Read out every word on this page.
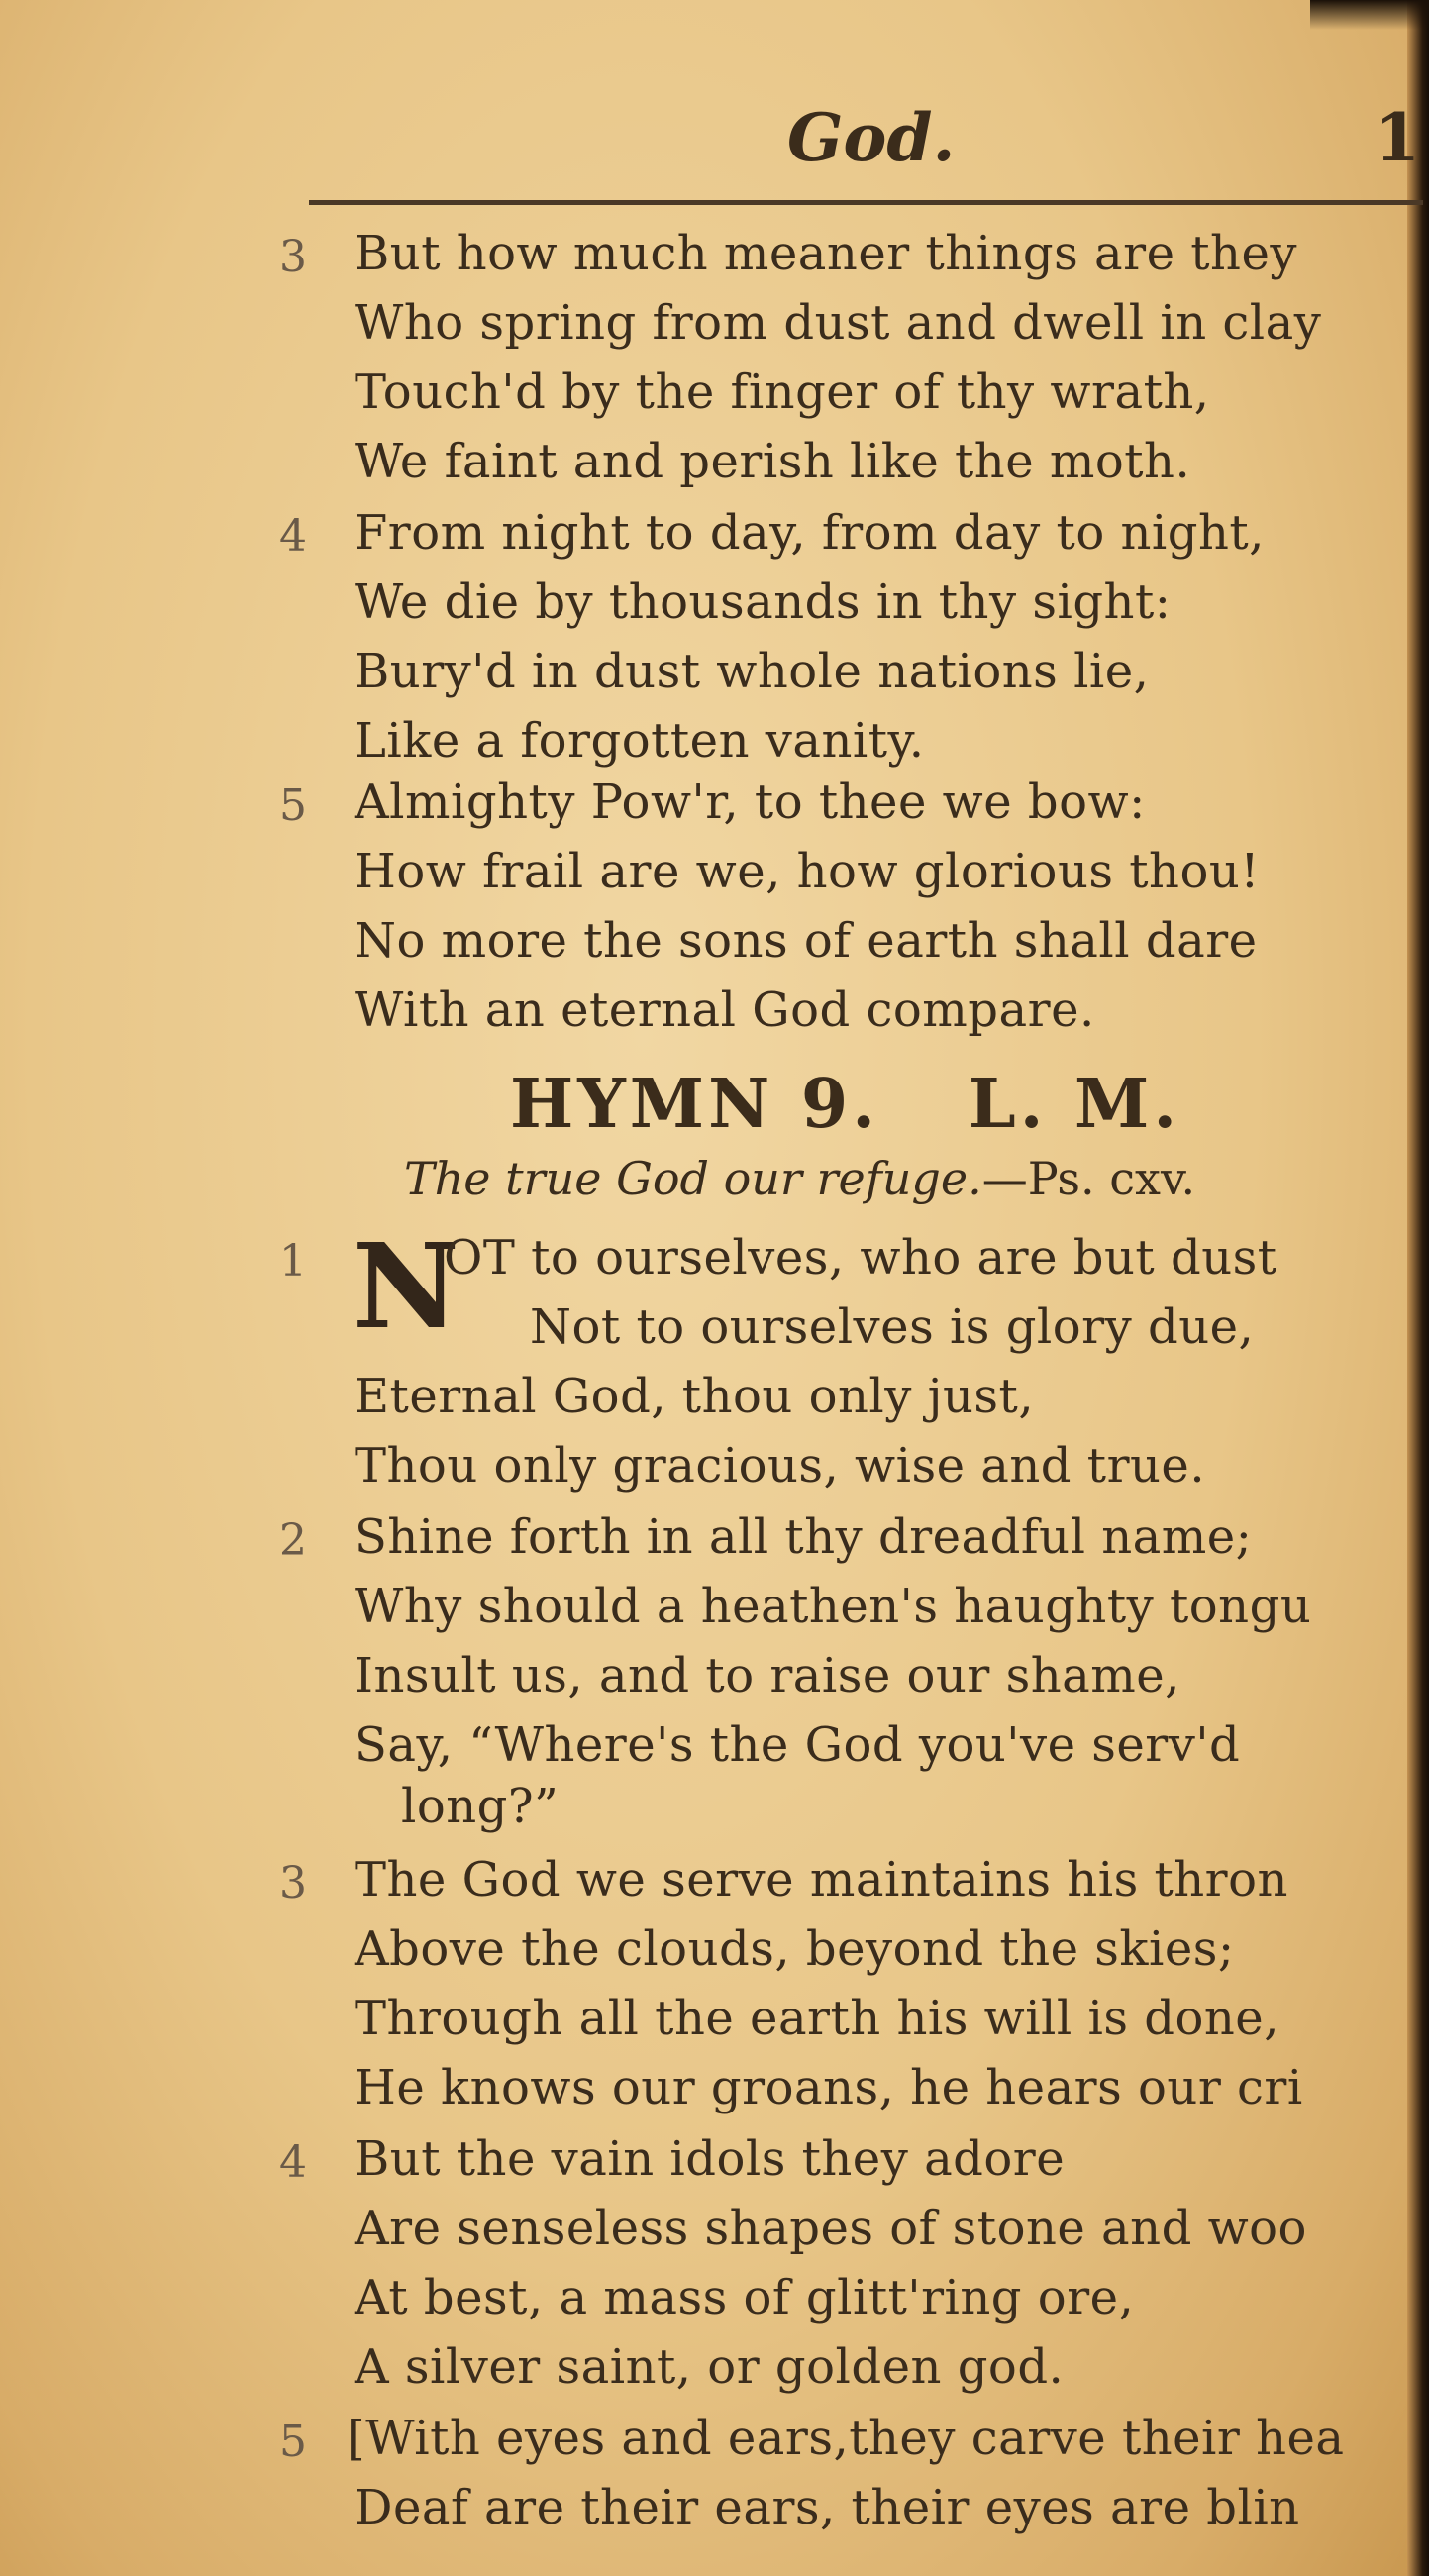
God.	1
3 But how much meaner things are they
Who spring from dust and dwell in clay
Touch'd by the finger of thy wrath,
We faint and perish like the moth.
4 From night to day, from day to night,
We die by thousands in thy sight:
Bury'd in dust whole nations lie,
Like a forgotten vanity.
5 Almighty Pow'r, to thee we bow:
How frail are we, how glorious thou!
No more the sons of earth shall dare
With an eternal God compare.
HYMN 9. L. M.
The true God our refuge.—Ps. cxv.
1 N
OT to ourselves, who are but dust
Not to ourselves is glory due,
Eternal God, thou only just,
Thou only gracious, wise and true.
2 Shine forth in all thy dreadful name;
Why should a heathen's haughty tongu
Insult us, and to raise our shame,
Say, “Where's the God you've serv'd
long?”
3 The God we serve maintains his thron
Above the clouds, beyond the skies;
Through all the earth his will is done,
He knows our groans, he hears our cri
4 But the vain idols they adore
Are senseless shapes of stone and woo
At best, a mass of glitt'ring ore,
A silver saint, or golden god.
5 [With eyes and ears,they carve their hea
Deaf are their ears, their eyes are blin
